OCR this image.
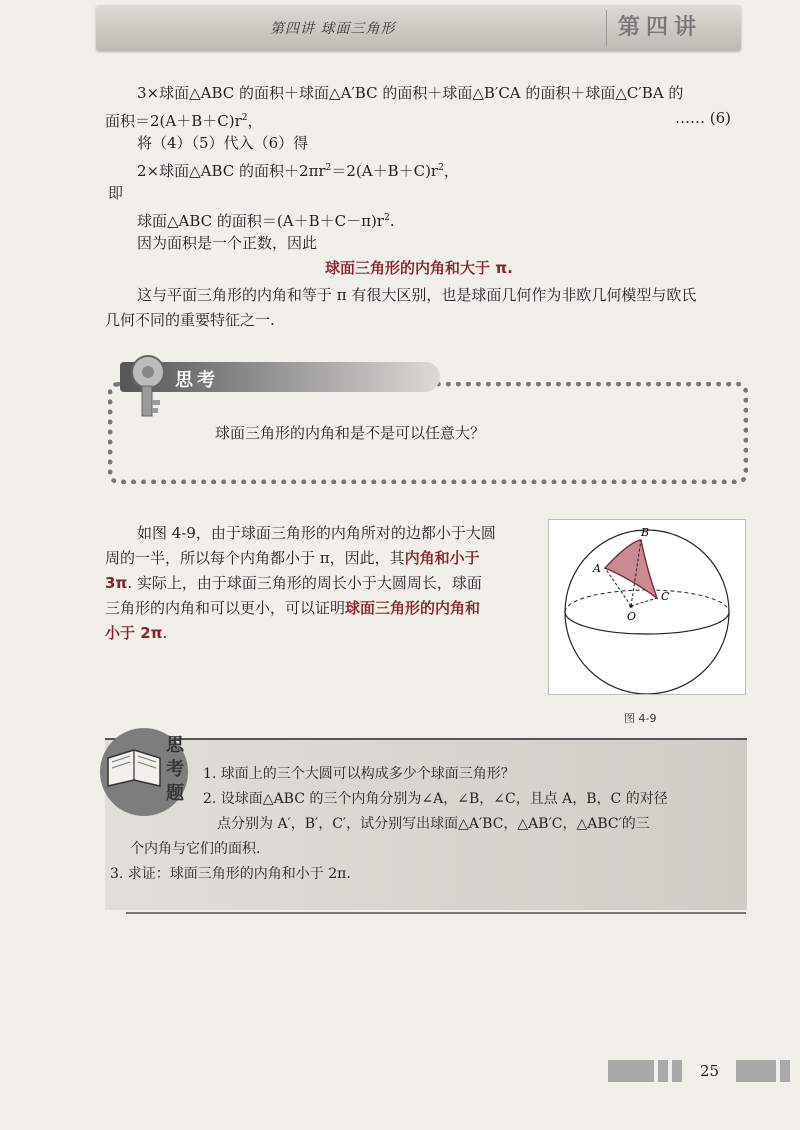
第四讲 球面三角形	第四讲
3×球面△ABC 的面积＋球面△A′BC 的面积＋球面△B′CA 的面积＋球面△C′BA 的
面积$=2(A+B+C)r^2$，	…… (6)
将（4）（5）代入（6）得
2×球面△ABC 的面积$+2\pi r^2=2(A+B+C)r^2$，
即
球面△ABC 的面积$=(A+B+C-\pi)r^2$.
因为面积是一个正数，因此
球面三角形的内角和大于 π.
这与平面三角形的内角和等于 π 有很大区别，也是球面几何作为非欧几何模型与欧氏
几何不同的重要特征之一.
思考
球面三角形的内角和是不是可以任意大？
如图 4-9，由于球面三角形的内角所对的边都小于大圆
周的一半，所以每个内角都小于 π，因此，其内角和小于
3π. 实际上，由于球面三角形的周长小于大圆周长，球面
三角形的内角和可以更小，可以证明球面三角形的内角和
小于 2π.
A
B
C
O
图 4-9
思考题
1. 球面上的三个大圆可以构成多少个球面三角形？
2. 设球面△ABC 的三个内角分别为∠A，∠B，∠C，且点 A，B，C 的对径
点分别为 A′，B′，C′，试分别写出球面△A′BC，△AB′C，△ABC′的三
个内角与它们的面积.
3. 求证：球面三角形的内角和小于 2π.
25
